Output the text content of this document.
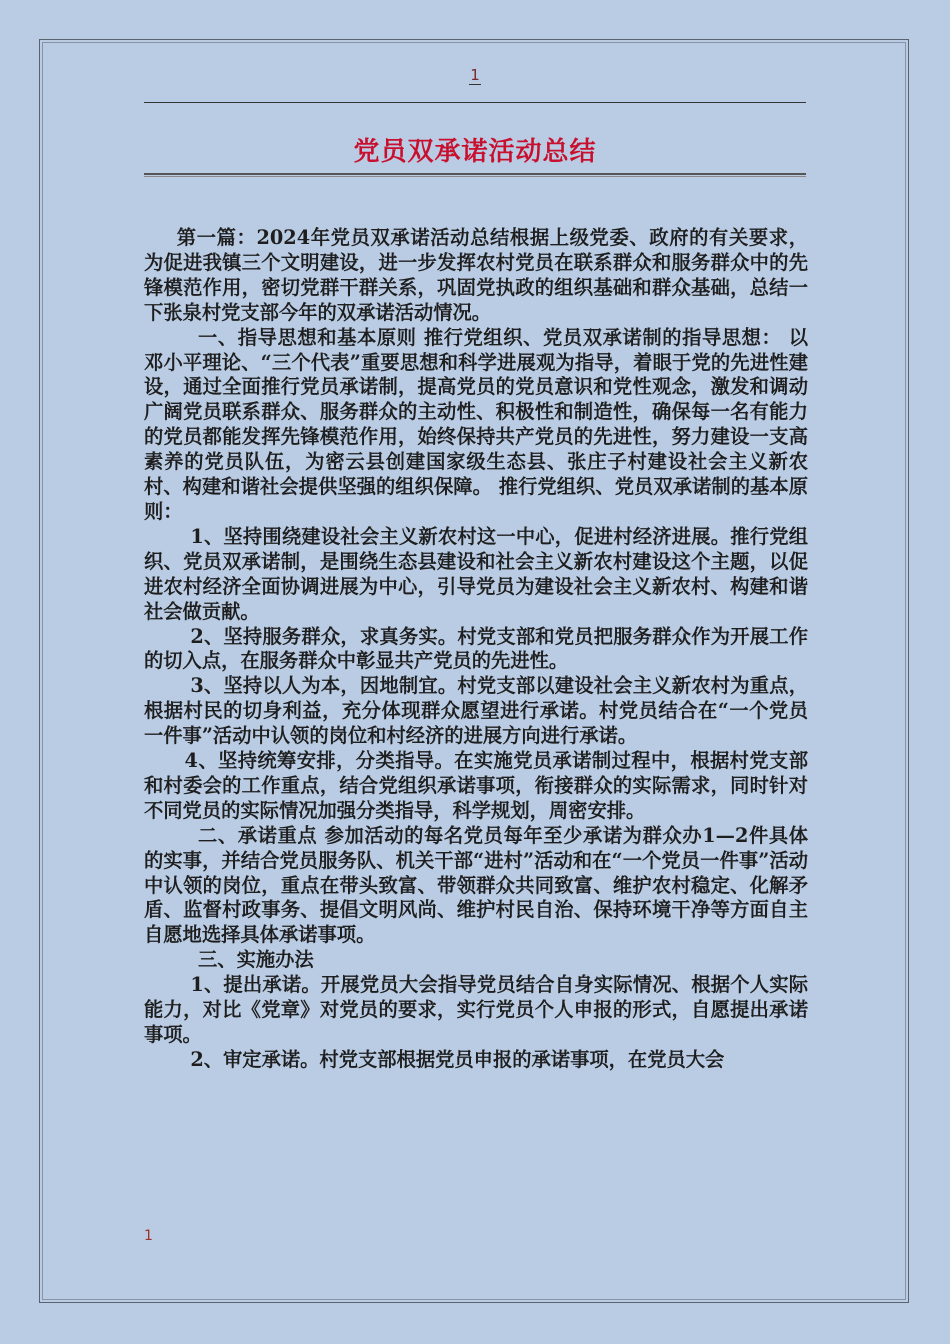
1
党员双承诺活动总结

第一篇：2024年党员双承诺活动总结根据上级党委、政府的有关要求，为促进我镇三个文明建设，进一步发挥农村党员在联系群众和服务群众中的先锋模范作用，密切党群干群关系，巩固党执政的组织基础和群众基础，总结一下张泉村党支部今年的双承诺活动情况。

一、指导思想和基本原则 推行党组织、党员双承诺制的指导思想： 以邓小平理论、“三个代表”重要思想和科学进展观为指导，着眼于党的先进性建设，通过全面推行党员承诺制，提高党员的党员意识和党性观念，激发和调动广阔党员联系群众、服务群众的主动性、积极性和制造性，确保每一名有能力的党员都能发挥先锋模范作用，始终保持共产党员的先进性，努力建设一支高素养的党员队伍，为密云县创建国家级生态县、张庄子村建设社会主义新农村、构建和谐社会提供坚强的组织保障。 推行党组织、党员双承诺制的基本原则：

1、坚持围绕建设社会主义新农村这一中心，促进村经济进展。推行党组织、党员双承诺制，是围绕生态县建设和社会主义新农村建设这个主题，以促进农村经济全面协调进展为中心，引导党员为建设社会主义新农村、构建和谐社会做贡献。

2、坚持服务群众，求真务实。村党支部和党员把服务群众作为开展工作的切入点，在服务群众中彰显共产党员的先进性。

3、坚持以人为本，因地制宜。村党支部以建设社会主义新农村为重点，根据村民的切身利益，充分体现群众愿望进行承诺。村党员结合在“一个党员一件事”活动中认领的岗位和村经济的进展方向进行承诺。

4、坚持统筹安排，分类指导。在实施党员承诺制过程中，根据村党支部和村委会的工作重点，结合党组织承诺事项，衔接群众的实际需求，同时针对不同党员的实际情况加强分类指导，科学规划，周密安排。

二、承诺重点 参加活动的每名党员每年至少承诺为群众办1—2件具体的实事，并结合党员服务队、机关干部“进村”活动和在“一个党员一件事”活动中认领的岗位，重点在带头致富、带领群众共同致富、维护农村稳定、化解矛盾、监督村政事务、提倡文明风尚、维护村民自治、保持环境干净等方面自主自愿地选择具体承诺事项。

三、实施办法

1、提出承诺。开展党员大会指导党员结合自身实际情况、根据个人实际能力，对比《党章》对党员的要求，实行党员个人申报的形式，自愿提出承诺事项。

2、审定承诺。村党支部根据党员申报的承诺事项，在党员大会

1
